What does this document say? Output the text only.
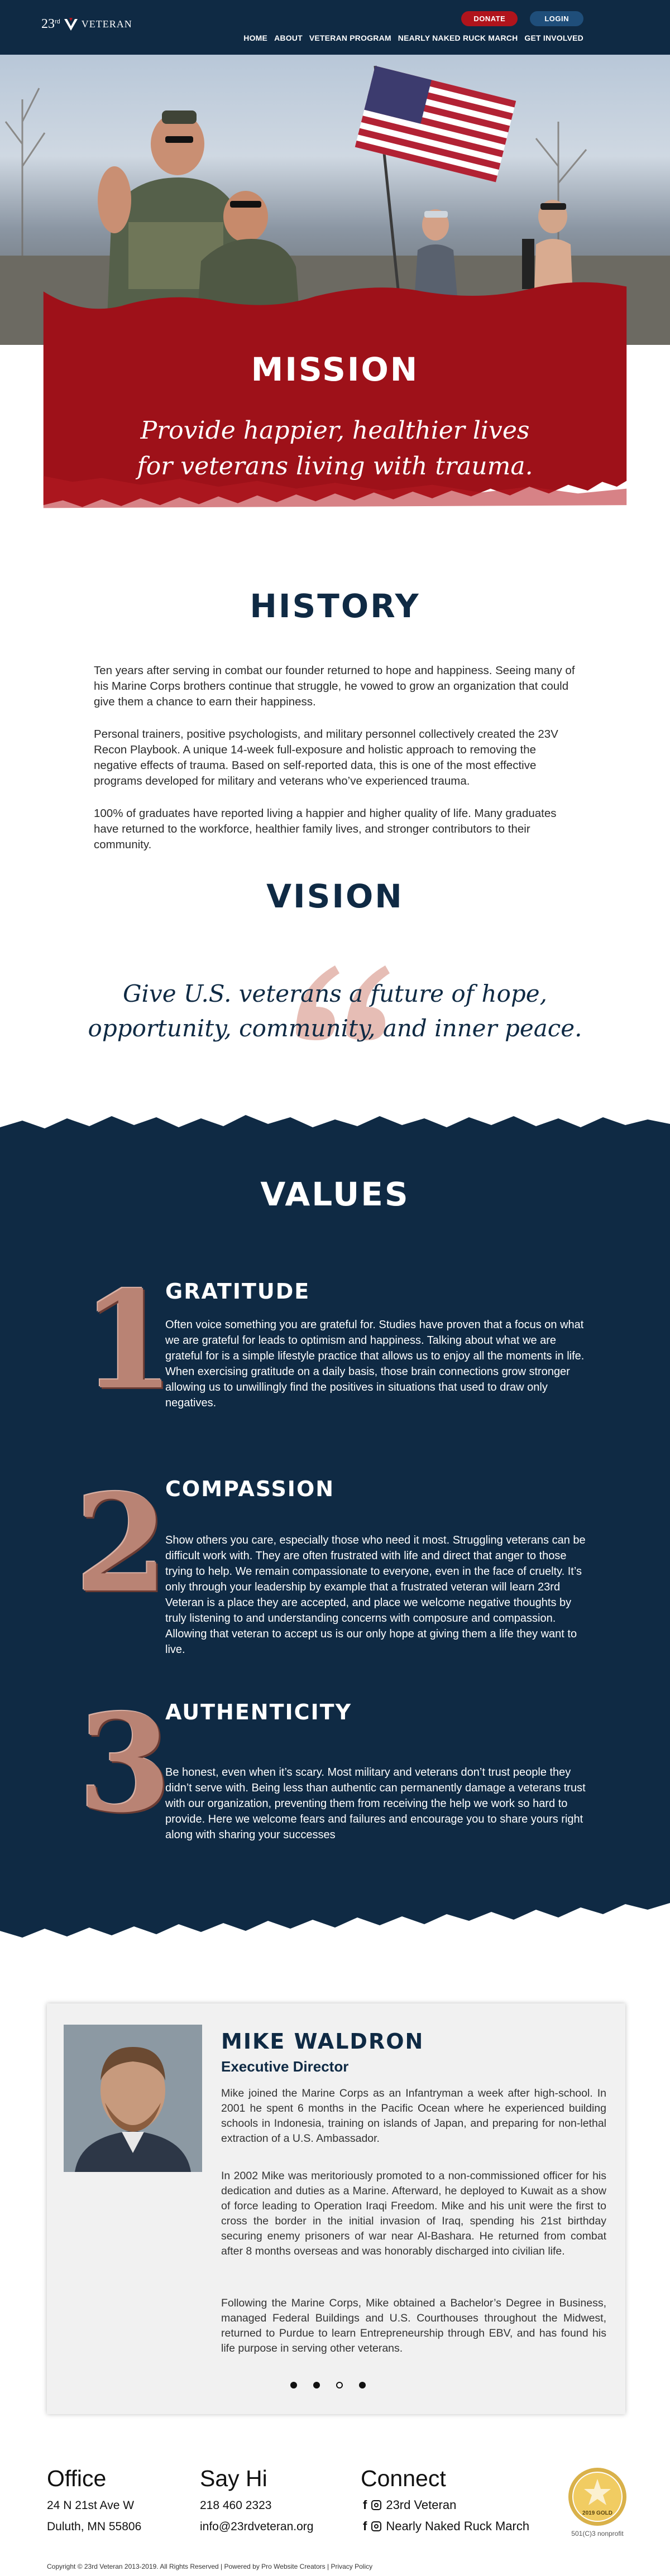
23rd VETERAN	DONATE	LOGIN
HOME ABOUT VETERAN PROGRAM NEARLY NAKED RUCK MARCH GET INVOLVED
MISSION
Provide happier, healthier lives
for veterans living with trauma.
HISTORY

Ten years after serving in combat our founder returned to hope and happiness. Seeing many of his Marine Corps brothers continue that struggle, he vowed to grow an organization that could give them a chance to earn their happiness.

Personal trainers, positive psychologists, and military personnel collectively created the 23V Recon Playbook. A unique 14-week full-exposure and holistic approach to removing the negative effects of trauma. Based on self-reported data, this is one of the most effective programs developed for military and veterans who’ve experienced trauma.

100% of graduates have reported living a happier and higher quality of life. Many graduates have returned to the workforce, healthier family lives, and stronger contributors to their community.

VISION
Give U.S. veterans a future of hope,
opportunity, community, and inner peace.
VALUES
1
GRATITUDE

Often voice something you are grateful for. Studies have proven that a focus on what we are grateful for leads to optimism and happiness. Talking about what we are grateful for is a simple lifestyle practice that allows us to enjoy all the moments in life. When exercising gratitude on a daily basis, those brain connections grow stronger allowing us to unwillingly find the positives in situations that used to draw only negatives.

2
COMPASSION

Show others you care, especially those who need it most. Struggling veterans can be difficult work with. They are often frustrated with life and direct that anger to those trying to help. We remain compassionate to everyone, even in the face of cruelty. It’s only through your leadership by example that a frustrated veteran will learn 23rd Veteran is a place they are accepted, and place we welcome negative thoughts by truly listening to and understanding concerns with composure and compassion. Allowing that veteran to accept us is our only hope at giving them a life they want to live.

3
AUTHENTICITY

Be honest, even when it’s scary. Most military and veterans don’t trust people they didn’t serve with. Being less than authentic can permanently damage a veterans trust with our organization, preventing them from receiving the help we work so hard to provide. Here we welcome fears and failures and encourage you to share yours right along with sharing your successes

MIKE WALDRON
Executive Director

Mike joined the Marine Corps as an Infantryman a week after high-school. In 2001 he spent 6 months in the Pacific Ocean where he experienced building schools in Indonesia, training on islands of Japan, and preparing for non-lethal extraction of a U.S. Ambassador.

In 2002 Mike was meritoriously promoted to a non-commissioned officer for his dedication and duties as a Marine. Afterward, he deployed to Kuwait as a show of force leading to Operation Iraqi Freedom. Mike and his unit were the first to cross the border in the initial invasion of Iraq, spending his 21st birthday securing enemy prisoners of war near Al-Bashara. He returned from combat after 8 months overseas and was honorably discharged into civilian life.

Following the Marine Corps, Mike obtained a Bachelor’s Degree in Business, managed Federal Buildings and U.S. Courthouses throughout the Midwest, returned to Purdue to learn Entrepreneurship through EBV, and has found his life purpose in serving other veterans.

Office
24 N 21st Ave W
Duluth, MN 55806
Say Hi
218 460 2323
info@23rdveteran.org
Connect
f 23rd Veteran
f Nearly Naked Ruck March
2019 GOLD
501(C)3 nonprofit
Copyright © 23rd Veteran 2013-2019. All Rights Reserved | Powered by Pro Website Creators | Privacy Policy
